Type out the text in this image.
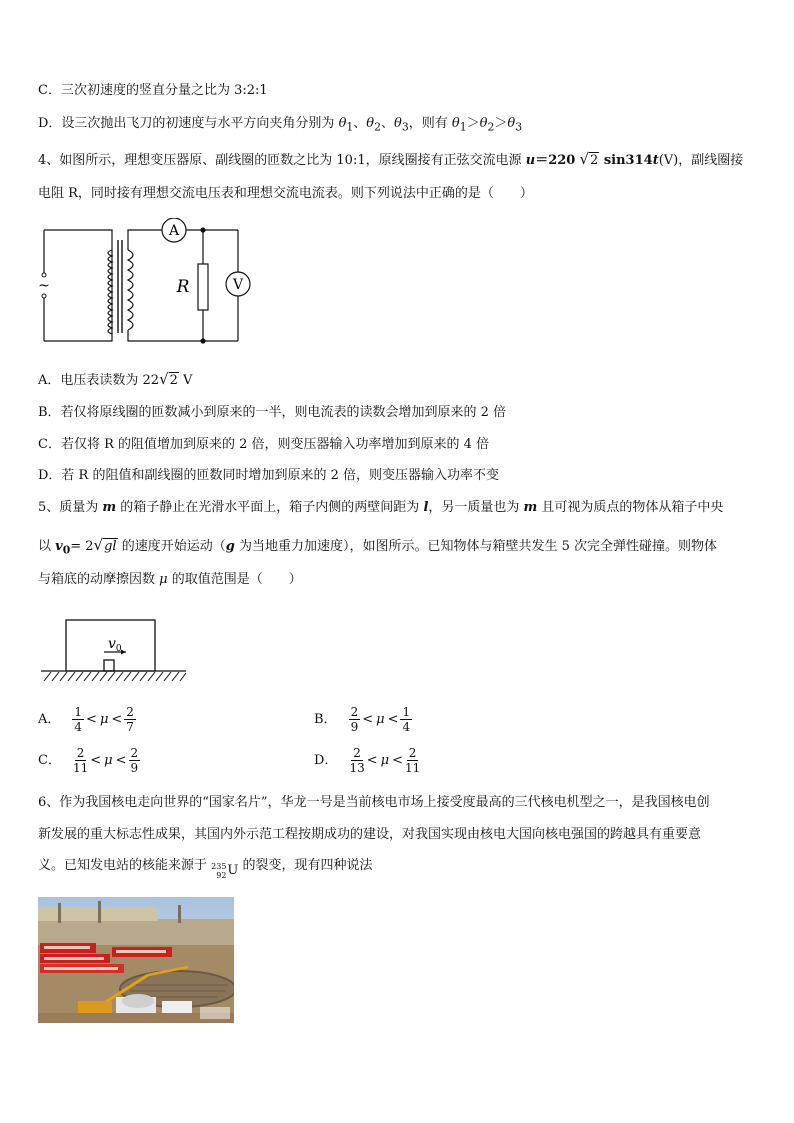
C．三次初速度的竖直分量之比为 3:2:1
D．设三次抛出飞刀的初速度与水平方向夹角分别为 $\theta_1$、$\theta_2$、$\theta_3$，则有 $\theta_1>\theta_2>\theta_3$
4、如图所示，理想变压器原、副线圈的匝数之比为 10:1，原线圈接有正弦交流电源 u＝220 √2 sin314t(V)，副线圈接
电阻 R，同时接有理想交流电压表和理想交流电流表。则下列说法中正确的是（　　）
~
A
V
R
A．电压表读数为 22√2 V
B．若仅将原线圈的匝数减小到原来的一半，则电流表的读数会增加到原来的 2 倍
C．若仅将 R 的阻值增加到原来的 2 倍，则变压器输入功率增加到原来的 4 倍
D．若 R 的阻值和副线圈的匝数同时增加到原来的 2 倍，则变压器输入功率不变
5、质量为 m 的箱子静止在光滑水平面上，箱子内侧的两壁间距为 l，另一质量也为 m 且可视为质点的物体从箱子中央
以 $v_0= 2√gl$ 的速度开始运动（g 为当地重力加速度），如图所示。已知物体与箱壁共发生 5 次完全弹性碰撞。则物体
与箱底的动摩擦因数 μ 的取值范围是（　　）
$v_0$
A． $\frac{1}{4} < \mu < \frac{2}{7}$	B． $\frac{2}{9} < \mu < \frac{1}{4}$
C． $\frac{2}{11} < \mu < \frac{2}{9}$	D． $\frac{2}{13} < \mu < \frac{2}{11}$
6、作为我国核电走向世界的“国家名片”，华龙一号是当前核电市场上接受度最高的三代核电机型之一，是我国核电创
新发展的重大标志性成果，其国内外示范工程按期成功的建设，对我国实现由核电大国向核电强国的跨越具有重要意
义。已知发电站的核能来源于 235
92 U 的裂变，现有四种说法
